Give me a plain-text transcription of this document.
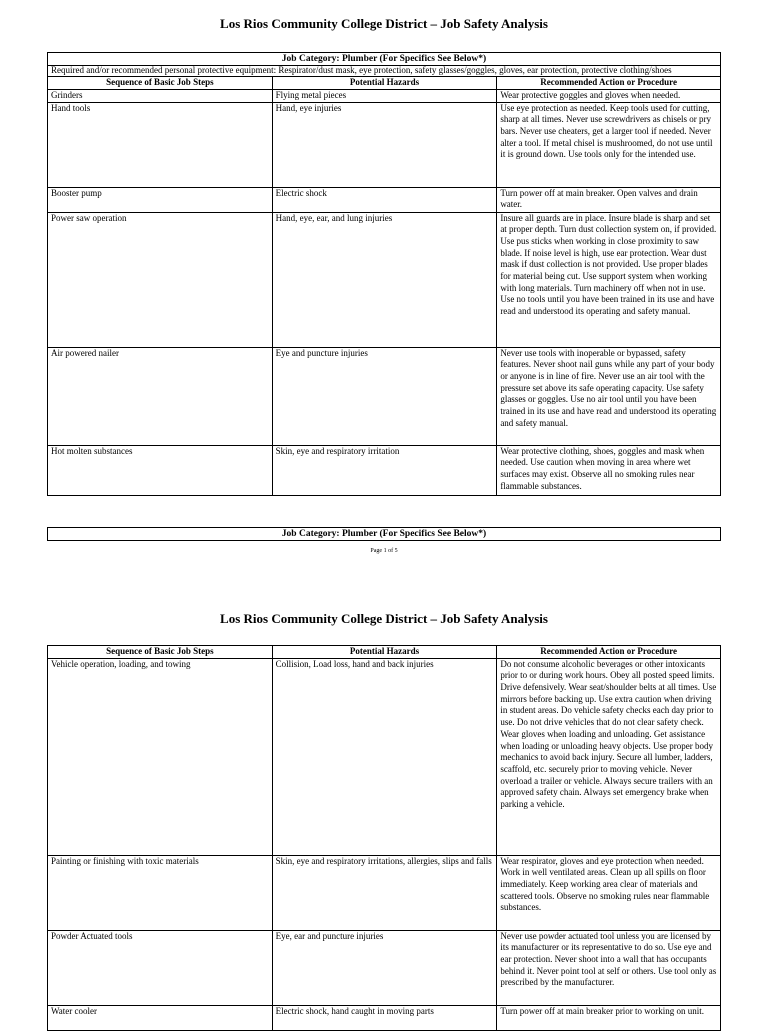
Los Rios Community College District – Job Safety Analysis
Job Category: Plumber (For Specifics See Below*)		
Required and/or recommended personal protective equipment: Respirator/dust mask, eye protection, safety glasses/goggles, gloves, ear protection, protective clothing/shoes		
Sequence of Basic Job Steps	Potential Hazards	Recommended Action or Procedure
Grinders	Flying metal pieces	Wear protective goggles and gloves when needed.
Hand tools	Hand, eye injuries	Use eye protection as needed. Keep tools used for cutting, sharp at all times. Never use screwdrivers as chisels or pry bars. Never use cheaters, get a larger tool if needed. Never alter a tool. If metal chisel is mushroomed, do not use until it is ground down. Use tools only for the intended use.
Booster pump	Electric shock	Turn power off at main breaker. Open valves and drain water.
Power saw operation	Hand, eye, ear, and lung injuries	Insure all guards are in place. Insure blade is sharp and set at proper depth. Turn dust collection system on, if provided. Use pus sticks when working in close proximity to saw blade. If noise level is high, use ear protection. Wear dust mask if dust collection is not provided. Use proper blades for material being cut. Use support system when working with long materials. Turn machinery off when not in use. Use no tools until you have been trained in its use and have read and understood its operating and safety manual.
Air powered nailer	Eye and puncture injuries	Never use tools with inoperable or bypassed, safety features. Never shoot nail guns while any part of your body or anyone is in line of fire. Never use an air tool with the pressure set above its safe operating capacity. Use safety glasses or goggles. Use no air tool until you have been trained in its use and have read and understood its operating and safety manual.
Hot molten substances	Skin, eye and respiratory irritation	Wear protective clothing, shoes, goggles and mask when needed. Use caution when moving in area where wet surfaces may exist. Observe all no smoking rules near flammable substances.
Job Category: Plumber (For Specifics See Below*)
Page 1 of 5
Los Rios Community College District – Job Safety Analysis
Sequence of Basic Job Steps	Potential Hazards	Recommended Action or Procedure
Vehicle operation, loading, and towing	Collision, Load loss, hand and back injuries	Do not consume alcoholic beverages or other intoxicants prior to or during work hours. Obey all posted speed limits. Drive defensively. Wear seat/shoulder belts at all times. Use mirrors before backing up. Use extra caution when driving in student areas. Do vehicle safety checks each day prior to use. Do not drive vehicles that do not clear safety check. Wear gloves when loading and unloading. Get assistance when loading or unloading heavy objects. Use proper body mechanics to avoid back injury. Secure all lumber, ladders, scaffold, etc. securely prior to moving vehicle. Never overload a trailer or vehicle. Always secure trailers with an approved safety chain. Always set emergency brake when parking a vehicle.
Painting or finishing with toxic materials	Skin, eye and respiratory irritations, allergies, slips and falls	Wear respirator, gloves and eye protection when needed. Work in well ventilated areas. Clean up all spills on floor immediately. Keep working area clear of materials and scattered tools. Observe no smoking rules near flammable substances.
Powder Actuated tools	Eye, ear and puncture injuries	Never use powder actuated tool unless you are licensed by its manufacturer or its representative to do so. Use eye and ear protection. Never shoot into a wall that has occupants behind it. Never point tool at self or others. Use tool only as prescribed by the manufacturer.
Water cooler	Electric shock, hand caught in moving parts	Turn power off at main breaker prior to working on unit.
